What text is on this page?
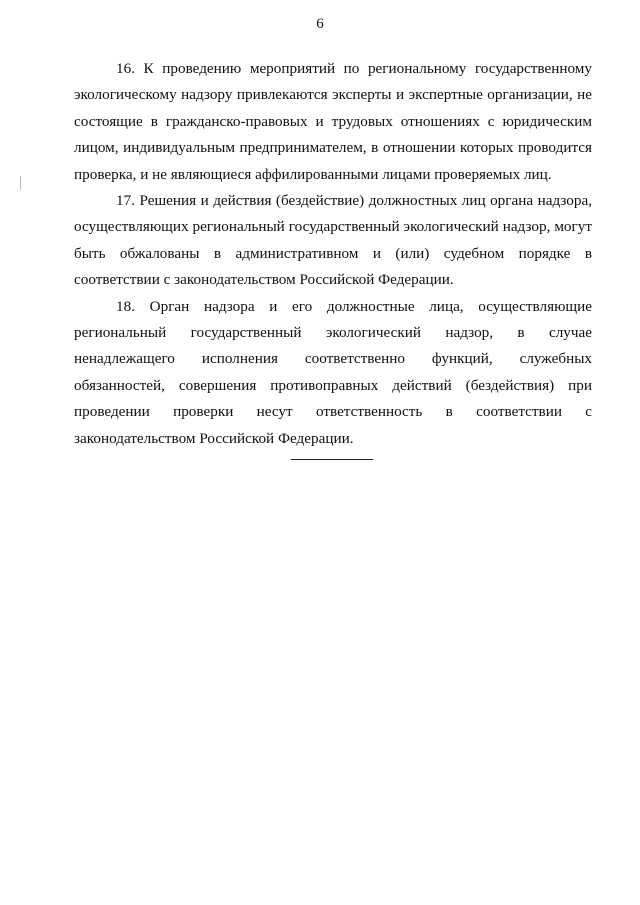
6

16. К проведению мероприятий по региональному государственному экологическому надзору привлекаются эксперты и экспертные организации, не состоящие в гражданско-правовых и трудовых отношениях с юридическим лицом, индивидуальным предпринимателем, в отношении которых проводится проверка, и не являющиеся аффилированными лицами проверяемых лиц.

17. Решения и действия (бездействие) должностных лиц органа надзора, осуществляющих региональный государственный экологический надзор, могут быть обжалованы в административном и (или) судебном порядке в соответствии с законодательством Российской Федерации.

18. Орган надзора и его должностные лица, осуществляющие региональный государственный экологический надзор, в случае ненадлежащего исполнения соответственно функций, служебных обязанностей, совершения противоправных действий (бездействия) при проведении проверки несут ответственность в соответствии с законодательством Российской Федерации.
